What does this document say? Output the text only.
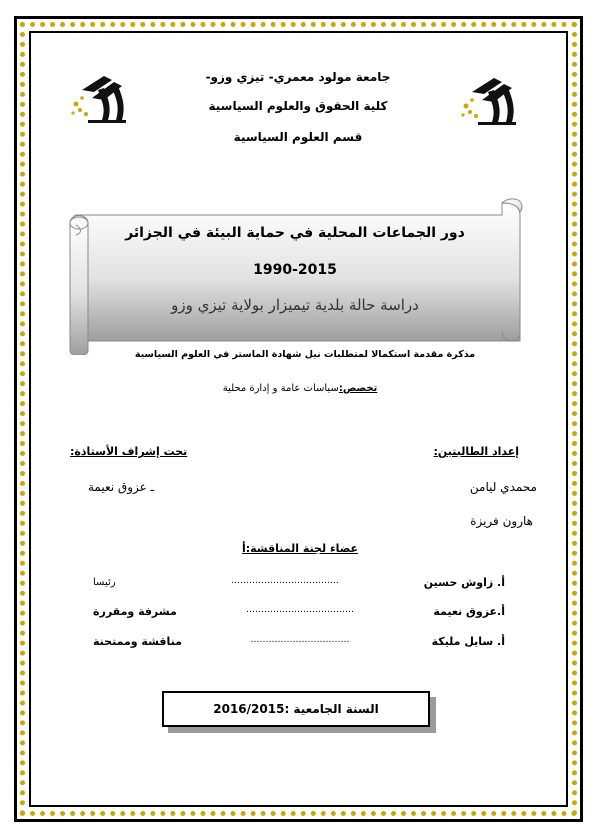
جامعة مولود معمري- تيزي وزو-
كلية الحقوق والعلوم السياسية
قسم العلوم السياسية
دور الجماعات المحلية في حماية البيئة في الجزائر
1990-2015
دراسة حالة بلدية تيميزار بولاية تيزي وزو
مذكرة مقدمة استكمالا لمتطلبات نيل شهادة الماستر في العلوم السياسية
تخصص:سياسات عامة و إدارة محلية
إعداد الطالبتين:
محمدي ليامن
هارون فريزة
تحت إشراف الأستاذة:
ـ عزوق نعيمة
عضاء لجنة المناقشة:أ
أ. زاوش حسين
………………………………
رئيسا
أ.عزوق نعيمة
………………………………
مشرفة ومقررة
أ. سايل مليكة
……………………………
مناقشة وممتحنة
السنة الجامعية :2016/2015
